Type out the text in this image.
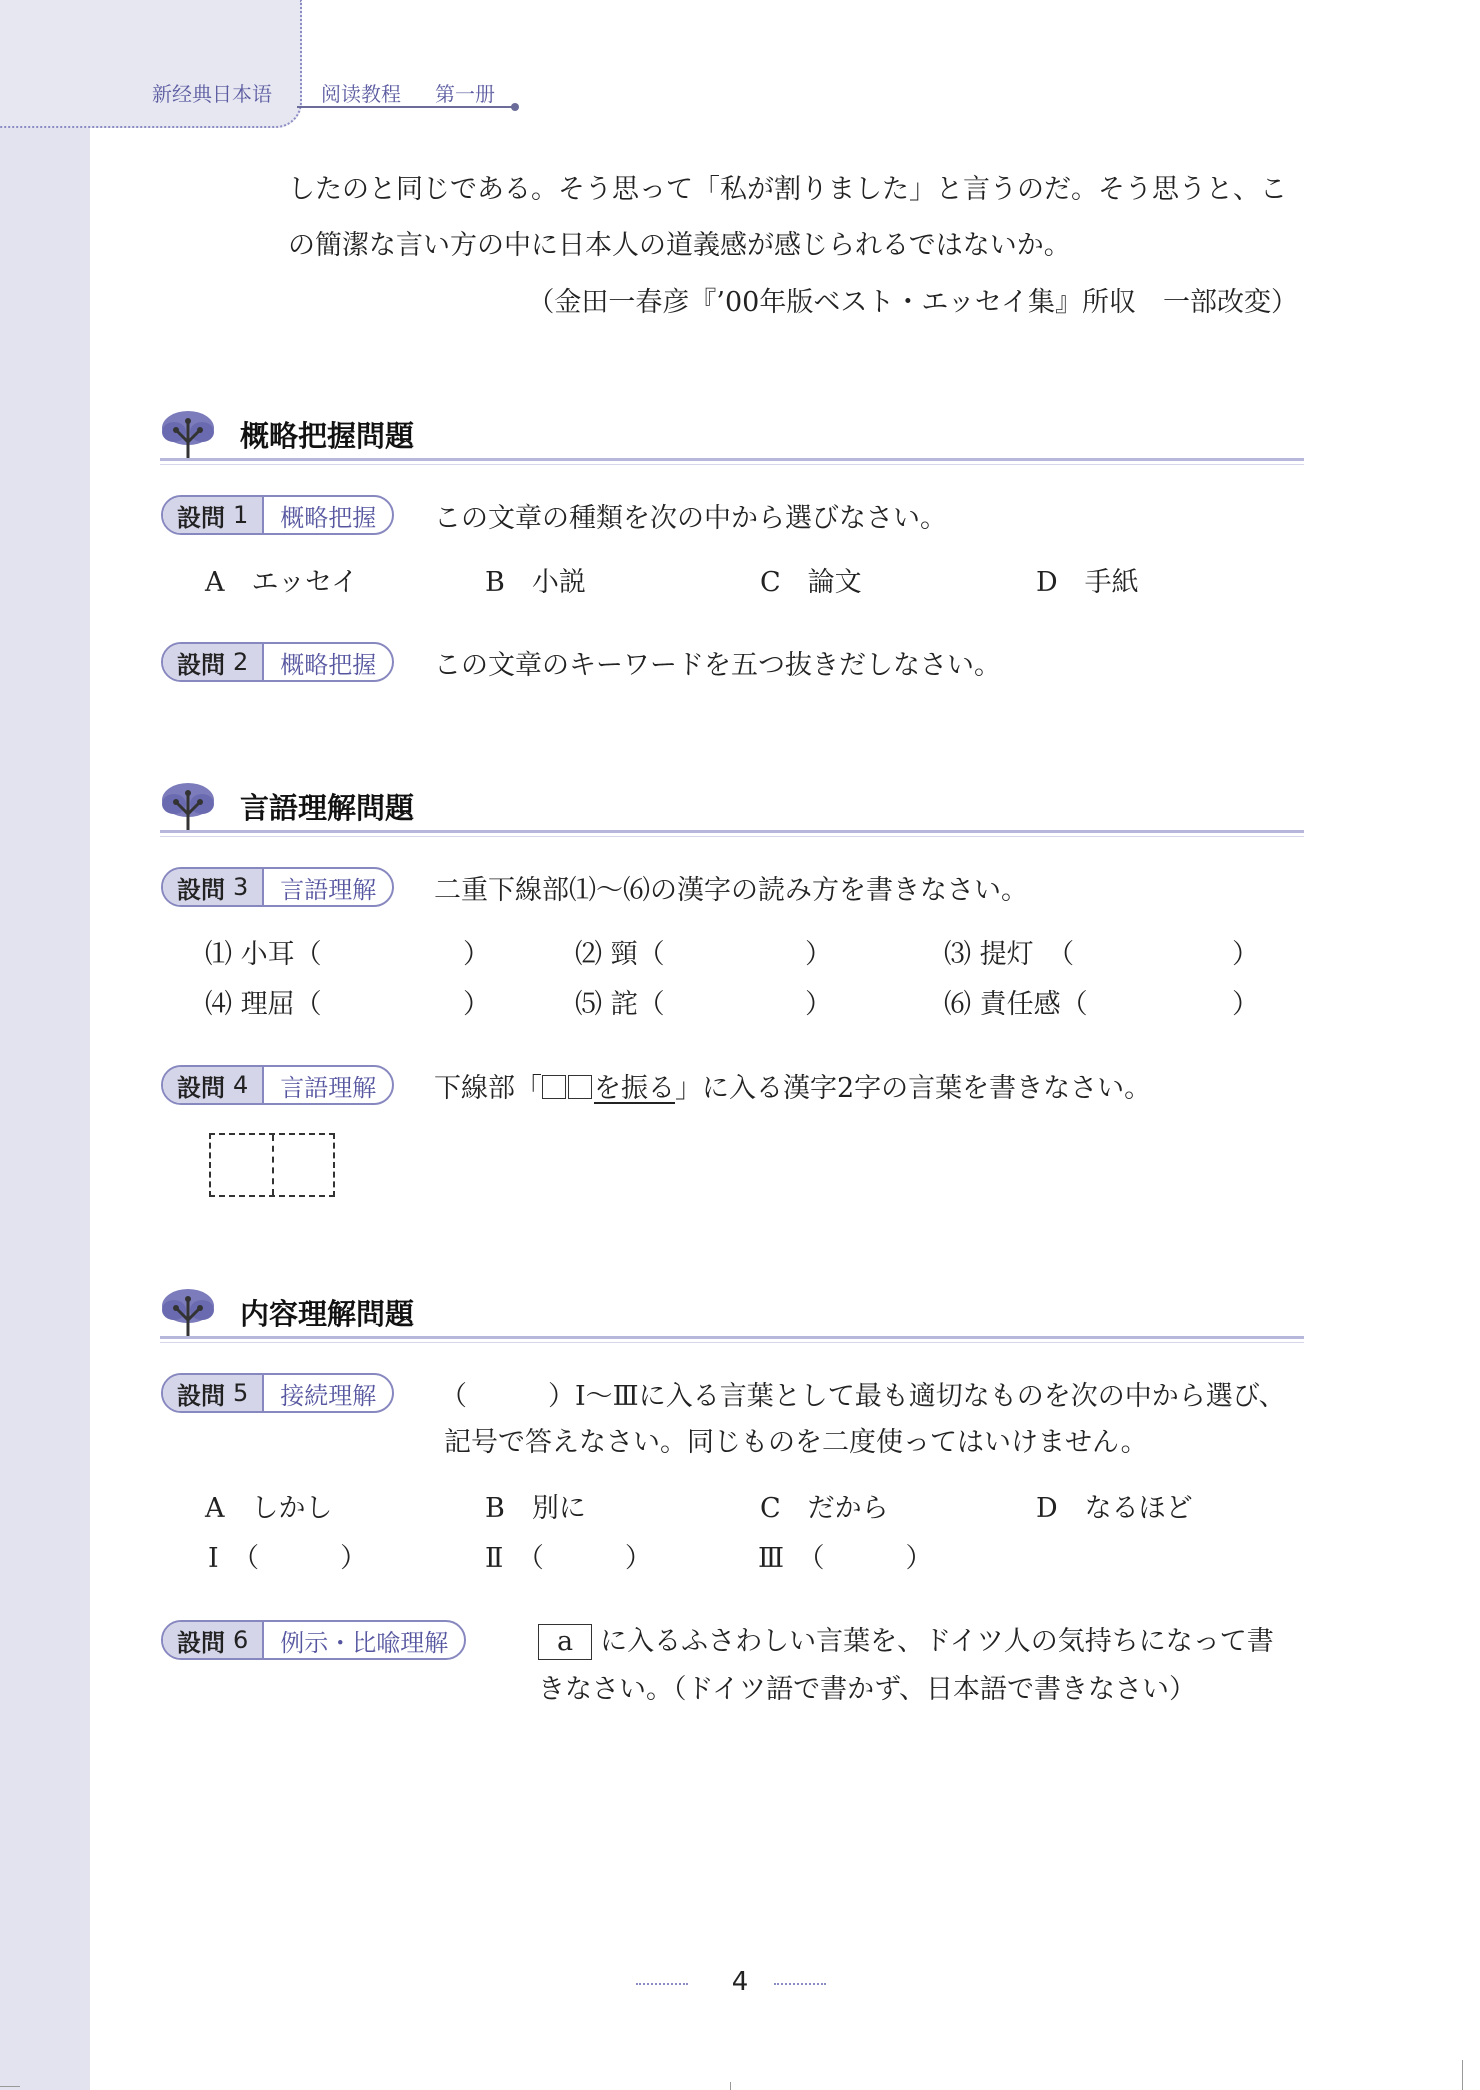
新经典日本语 阅读教程 第一册
したのと同じである。そう思って「私が割りました」と言うのだ。そう思うと、こ
の簡潔な言い方の中に日本人の道義感が感じられるではないか。
（金田一春彦『’00年版ベスト・エッセイ集』所収　一部改変）
概略把握問題
設問 1	概略把握	この文章の種類を次の中から選びなさい。
A　エッセイ	B　小説	C　論文	D　手紙
設問 2	概略把握	この文章のキーワードを五つ抜きだしなさい。
言語理解問題
設問 3	言語理解	二重下線部⑴～⑹の漢字の読み方を書きなさい。
⑴ 小耳（	）	⑵ 頸（	）	⑶ 提灯　（	）
⑷ 理屈（	）	⑸ 詫（	）	⑹ 責任感（	）
設問 4	言語理解	下線部「 を振る」に入る漢字2字の言葉を書きなさい。
内容理解問題
設問 5	接続理解	（　　　）Ⅰ～Ⅲに入る言葉として最も適切なものを次の中から選び、
記号で答えなさい。同じものを二度使ってはいけません。
A　しかし	B　別に	C　だから	D　なるほど
Ⅰ　（　　　）	Ⅱ　（　　　）	Ⅲ　（　　　）
設問 6	例示・比喩理解	a に入るふさわしい言葉を、ドイツ人の気持ちになって書
きなさい。（ドイツ語で書かず、日本語で書きなさい）
4
